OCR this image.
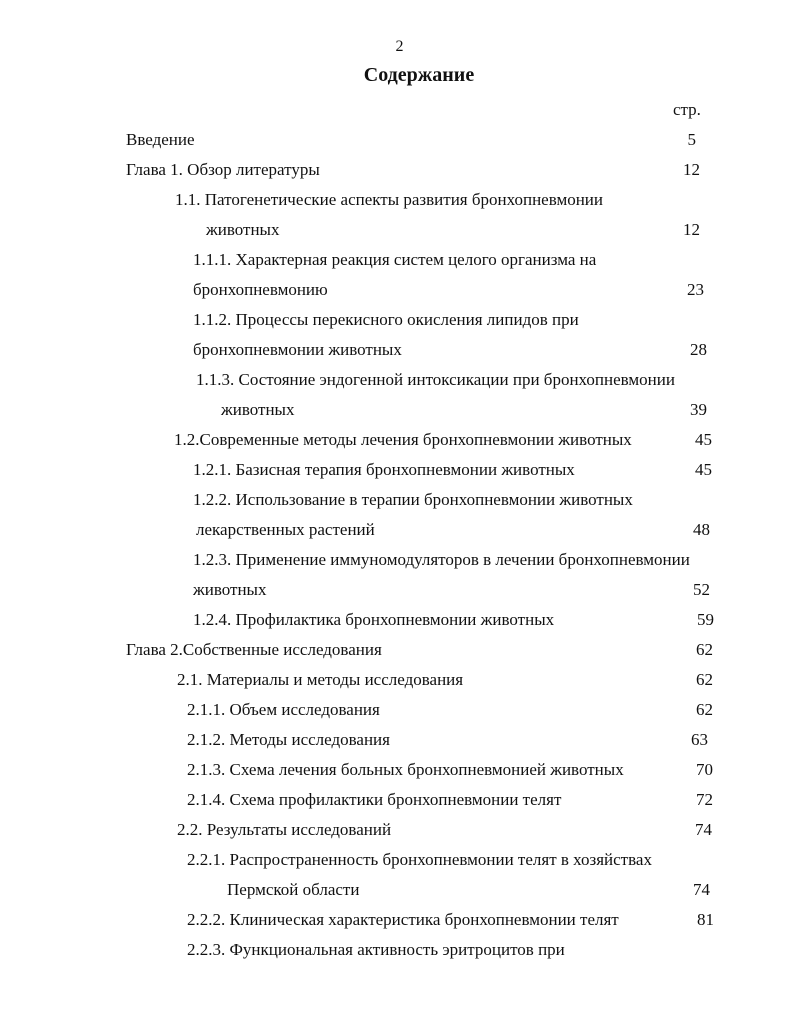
2
Содержание
стр.
Введение	5
Глава 1. Обзор литературы	12
1.1. Патогенетические аспекты развития бронхопневмонии
животных	12
1.1.1. Характерная реакция систем целого организма на
бронхопневмонию	23
1.1.2. Процессы перекисного окисления липидов при
бронхопневмонии животных	28
1.1.3. Состояние эндогенной интоксикации при бронхопневмонии
животных	39
1.2.Современные методы лечения бронхопневмонии животных	45
1.2.1. Базисная терапия бронхопневмонии животных	45
1.2.2. Использование в терапии бронхопневмонии животных
лекарственных растений	48
1.2.3. Применение иммуномодуляторов в лечении бронхопневмонии
животных	52
1.2.4. Профилактика бронхопневмонии животных	59
Глава 2.Собственные исследования	62
2.1. Материалы и методы исследования	62
2.1.1. Объем исследования	62
2.1.2. Методы исследования	63
2.1.3. Схема лечения больных бронхопневмонией животных	70
2.1.4. Схема профилактики бронхопневмонии телят	72
2.2. Результаты исследований	74
2.2.1. Распространенность бронхопневмонии телят в хозяйствах
Пермской области	74
2.2.2. Клиническая характеристика бронхопневмонии телят	81
2.2.3. Функциональная активность эритроцитов при
